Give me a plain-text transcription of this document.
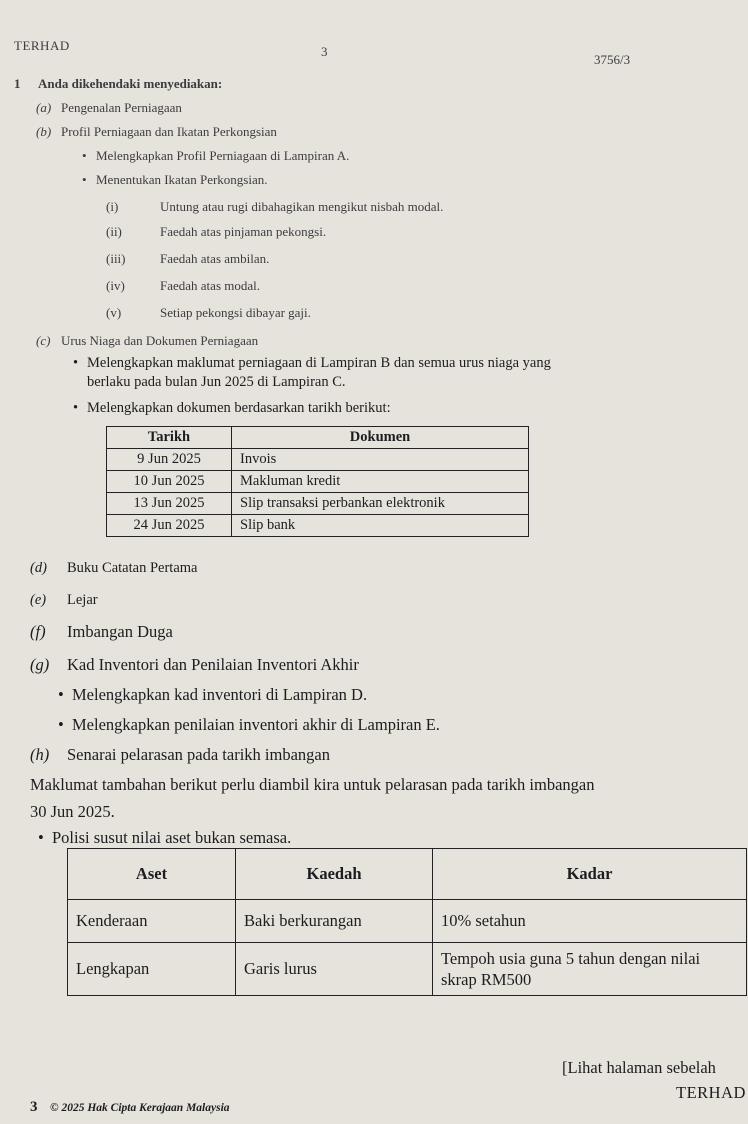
TERHAD	3
3756/3
1 Anda dikehendaki menyediakan:
(a) Pengenalan Perniagaan
(b) Profil Perniagaan dan Ikatan Perkongsian
• Melengkapkan Profil Perniagaan di Lampiran A.
• Menentukan Ikatan Perkongsian.
(i)	Untung atau rugi dibahagikan mengikut nisbah modal.
(ii)	Faedah atas pinjaman pekongsi.
(iii)	Faedah atas ambilan.
(iv)	Faedah atas modal.
(v)	Setiap pekongsi dibayar gaji.
(c) Urus Niaga dan Dokumen Perniagaan
• Melengkapkan maklumat perniagaan di Lampiran B dan semua urus niaga yang
berlaku pada bulan Jun 2025 di Lampiran C.
• Melengkapkan dokumen berdasarkan tarikh berikut:
Tarikh	Dokumen
9 Jun 2025	Invois
10 Jun 2025	Makluman kredit
13 Jun 2025	Slip transaksi perbankan elektronik
24 Jun 2025	Slip bank
(d) Buku Catatan Pertama
(e) Lejar
(f) Imbangan Duga
(g) Kad Inventori dan Penilaian Inventori Akhir
• Melengkapkan kad inventori di Lampiran D.
• Melengkapkan penilaian inventori akhir di Lampiran E.
(h) Senarai pelarasan pada tarikh imbangan
Maklumat tambahan berikut perlu diambil kira untuk pelarasan pada tarikh imbangan
30 Jun 2025.
• Polisi susut nilai aset bukan semasa.
Aset	Kaedah	Kadar
Kenderaan	Baki berkurangan	10% setahun
Lengkapan	Garis lurus	Tempoh usia guna 5 tahun dengan nilai skrap RM500
[Lihat halaman sebelah
TERHAD
3 © 2025 Hak Cipta Kerajaan Malaysia
